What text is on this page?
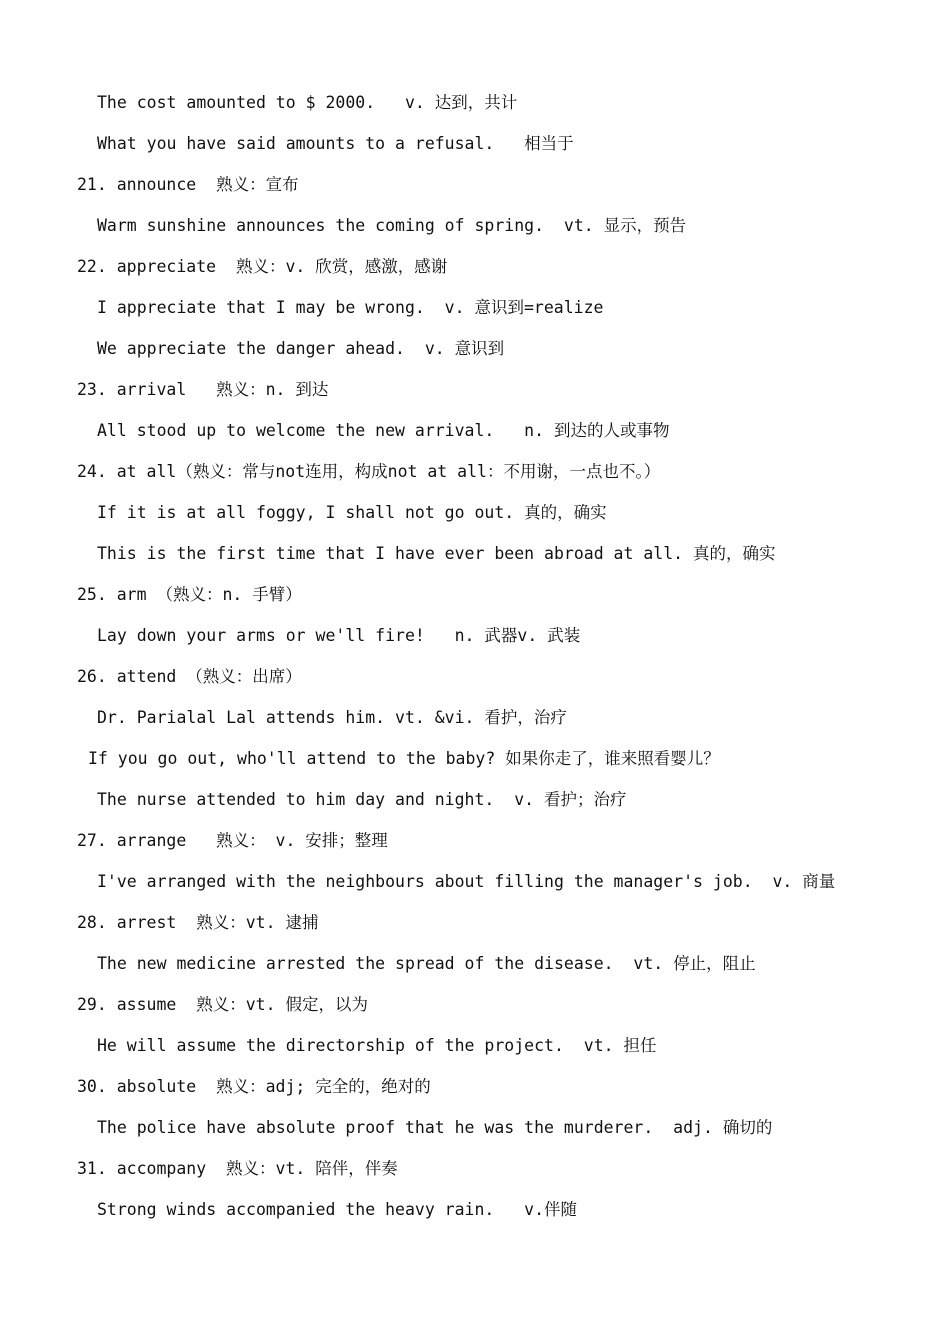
The cost amounted to $ 2000.   v. 达到，共计
What you have said amounts to a refusal.   相当于
21. announce  熟义：宣布
Warm sunshine announces the coming of spring.  vt. 显示，预告
22. appreciate  熟义：v. 欣赏，感激，感谢
I appreciate that I may be wrong.  v. 意识到=realize
We appreciate the danger ahead.  v. 意识到
23. arrival   熟义：n. 到达
All stood up to welcome the new arrival.   n. 到达的人或事物
24. at all（熟义：常与not连用，构成not at all：不用谢，一点也不。）
If it is at all foggy, I shall not go out. 真的，确实
This is the first time that I have ever been abroad at all. 真的，确实
25. arm （熟义：n. 手臂）
Lay down your arms or we'll fire!   n. 武器v. 武装
26. attend （熟义：出席）
Dr. Parialal Lal attends him. vt. &vi. 看护，治疗
If you go out, who'll attend to the baby? 如果你走了，谁来照看婴儿？
The nurse attended to him day and night.  v. 看护；治疗
27. arrange   熟义： v. 安排；整理
I've arranged with the neighbours about filling the manager's job.  v. 商量
28. arrest  熟义：vt. 逮捕
The new medicine arrested the spread of the disease.  vt. 停止，阻止
29. assume  熟义：vt. 假定，以为
He will assume the directorship of the project.  vt. 担任
30. absolute  熟义：adj; 完全的，绝对的
The police have absolute proof that he was the murderer.  adj. 确切的
31. accompany  熟义：vt. 陪伴，伴奏
Strong winds accompanied the heavy rain.   v.伴随
